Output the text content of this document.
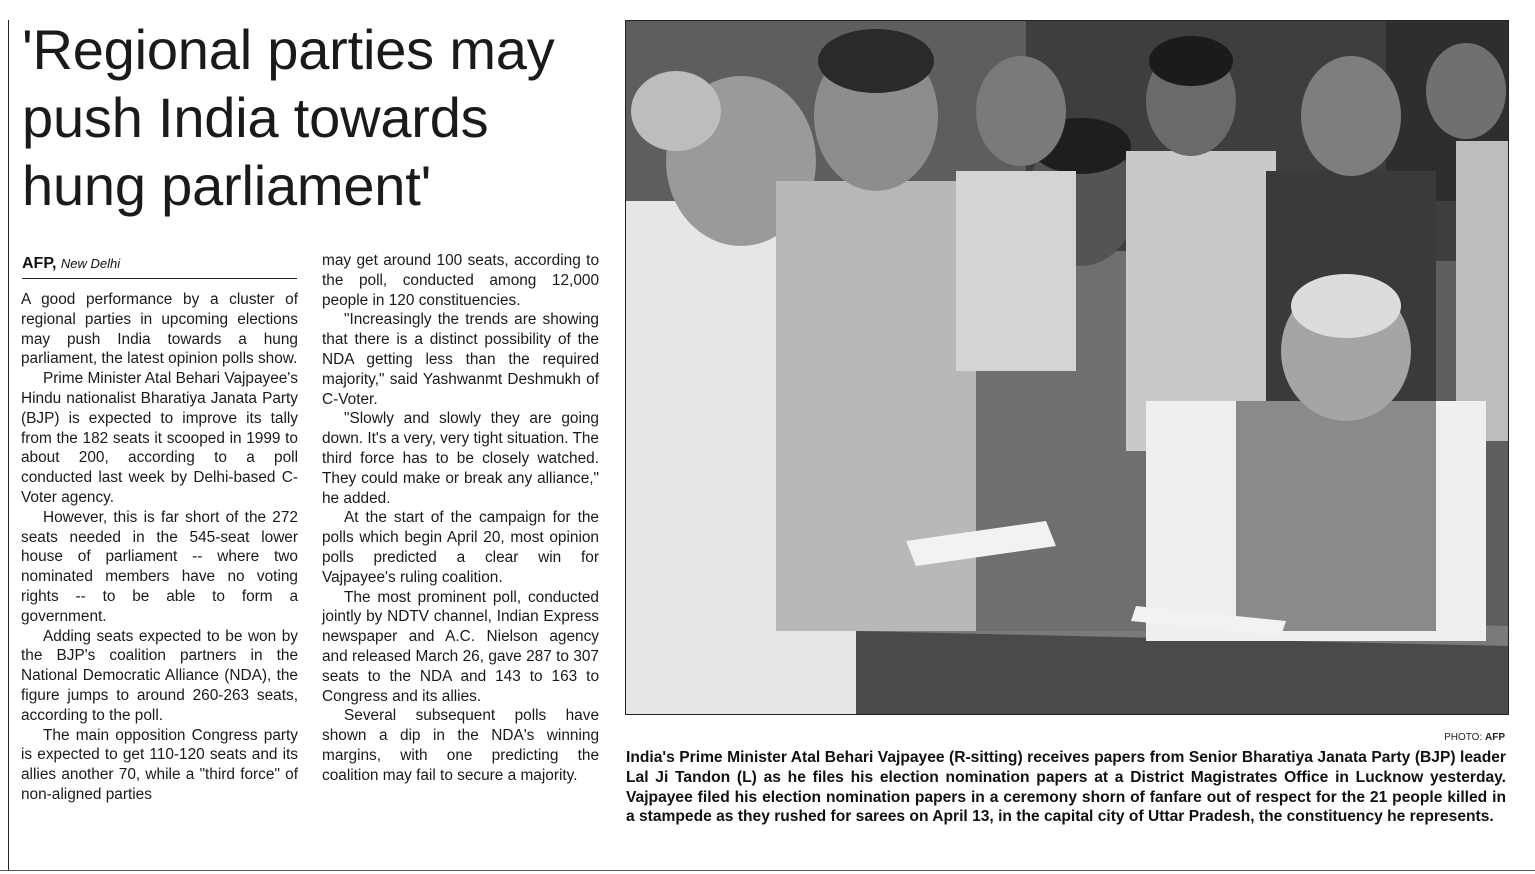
'Regional parties may push India towards hung parliament'
AFP, New Delhi

A good performance by a cluster of regional parties in upcoming elections may push India towards a hung parliament, the latest opinion polls show.

Prime Minister Atal Behari Vajpayee's Hindu nationalist Bharatiya Janata Party (BJP) is expected to improve its tally from the 182 seats it scooped in 1999 to about 200, according to a poll conducted last week by Delhi-based C-Voter agency.

However, this is far short of the 272 seats needed in the 545-seat lower house of parliament -- where two nominated members have no voting rights -- to be able to form a government.

Adding seats expected to be won by the BJP's coalition partners in the National Democratic Alliance (NDA), the figure jumps to around 260-263 seats, according to the poll.

The main opposition Congress party is expected to get 110-120 seats and its allies another 70, while a "third force" of non-aligned parties

may get around 100 seats, according to the poll, conducted among 12,000 people in 120 constituencies.

"Increasingly the trends are showing that there is a distinct possibility of the NDA getting less than the required majority," said Yashwanmt Deshmukh of C-Voter.

"Slowly and slowly they are going down. It's a very, very tight situation. The third force has to be closely watched. They could make or break any alliance," he added.

At the start of the campaign for the polls which begin April 20, most opinion polls predicted a clear win for Vajpayee's ruling coalition.

The most prominent poll, conducted jointly by NDTV channel, Indian Express newspaper and A.C. Nielson agency and released March 26, gave 287 to 307 seats to the NDA and 143 to 163 to Congress and its allies.

Several subsequent polls have shown a dip in the NDA's winning margins, with one predicting the coalition may fail to secure a majority.

PHOTO: AFP
India's Prime Minister Atal Behari Vajpayee (R-sitting) receives papers from Senior Bharatiya Janata Party (BJP) leader Lal Ji Tandon (L) as he files his election nomination papers at a District Magistrates Office in Lucknow yesterday. Vajpayee filed his election nomination papers in a ceremony shorn of fanfare out of respect for the 21 people killed in a stampede as they rushed for sarees on April 13, in the capital city of Uttar Pradesh, the constituency he represents.
